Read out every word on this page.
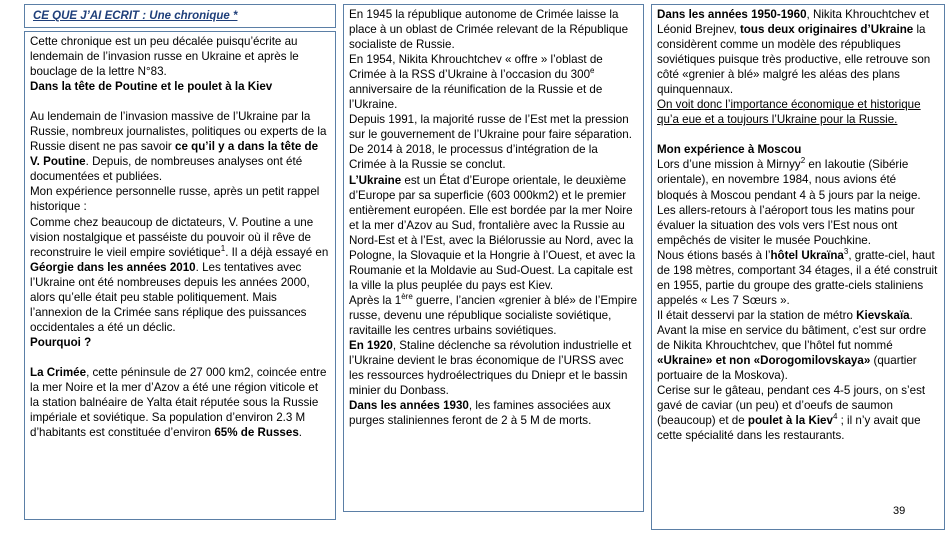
CE QUE J’AI ECRIT : Une chronique *

Cette chronique est un peu décalée puisqu’écrite au lendemain de l’invasion russe en Ukraine et après le bouclage de la lettre N°83.

Dans la tête de Poutine et le poulet à la Kiev

Au lendemain de l’invasion massive de l’Ukraine par la Russie, nombreux journalistes, politiques ou experts de la Russie disent ne pas savoir ce qu’il y a dans la tête de V. Poutine. Depuis, de nombreuses analyses ont été documentées et publiées.

Mon expérience personnelle russe, après un petit rappel historique :

Comme chez beaucoup de dictateurs, V. Poutine a une vision nostalgique et passéiste du pouvoir où il rêve de reconstruire le vieil empire soviétique$^1$. Il a déjà essayé en Géorgie dans les années 2010. Les tentatives avec l’Ukraine ont été nombreuses depuis les années 2000, alors qu’elle était peu stable politiquement. Mais l’annexion de la Crimée sans réplique des puissances occidentales a été un déclic.

Pourquoi ?

La Crimée, cette péninsule de 27 000 km2, coincée entre la mer Noire et la mer d’Azov a été une région viticole et la station balnéaire de Yalta était réputée sous la Russie impériale et soviétique. Sa population d’environ 2.3 M d’habitants est constituée d’environ 65% de Russes.

En 1945 la république autonome de Crimée laisse la place à un oblast de Crimée relevant de la République socialiste de Russie.

En 1954, Nikita Khrouchtchev « offre » l’oblast de Crimée à la RSS d’Ukraine à l’occasion du 300e anniversaire de la réunification de la Russie et de l’Ukraine.

Depuis 1991, la majorité russe de l’Est met la pression sur le gouvernement de l’Ukraine pour faire séparation.

De 2014 à 2018, le processus d’intégration de la Crimée à la Russie se conclut.

L’Ukraine est un État d’Europe orientale, le deuxième d’Europe par sa superficie (603 000km2) et le premier entièrement européen. Elle est bordée par la mer Noire et la mer d’Azov au Sud, frontalière avec la Russie au Nord-Est et à l’Est, avec la Biélorussie au Nord, avec la Pologne, la Slovaquie et la Hongrie à l’Ouest, et avec la Roumanie et la Moldavie au Sud-Ouest. La capitale est la ville la plus peuplée du pays est Kiev.

Après la 1ère guerre, l’ancien «grenier à blé» de l’Empire russe, devenu une république socialiste soviétique, ravitaille les centres urbains soviétiques.

En 1920, Staline déclenche sa révolution industrielle et l’Ukraine devient le bras économique de l’URSS avec les ressources hydroélectriques du Dniepr et le bassin minier du Donbass.

Dans les années 1930, les famines associées aux purges staliniennes feront de 2 à 5 M de morts.

Dans les années 1950-1960, Nikita Khrouchtchev et Léonid Brejnev, tous deux originaires d’Ukraine la considèrent comme un modèle des républiques soviétiques puisque très productive, elle retrouve son côté «grenier à blé» malgré les aléas des plans quinquennaux.

On voit donc l’importance économique et historique qu’a eue et a toujours l’Ukraine pour la Russie.

Mon expérience à Moscou

Lors d’une mission à Mirnyy$^2$ en Iakoutie (Sibérie orientale), en novembre 1984, nous avions été bloqués à Moscou pendant 4 à 5 jours par la neige. Les allers-retours à l’aéroport tous les matins pour évaluer la situation des vols vers l’Est nous ont empêchés de visiter le musée Pouchkine.

Nous étions basés à l’hôtel Ukraïna$^3$, gratte-ciel, haut de 198 mètres, comportant 34 étages, il a été construit en 1955, partie du groupe des gratte-ciels staliniens appelés « Les 7 Sœurs ».

Il était desservi par la station de métro Kievskaïa.

Avant la mise en service du bâtiment, c’est sur ordre de Nikita Khrouchtchev, que l’hôtel fut nommé «Ukraine» et non «Dorogomilovskaya» (quartier portuaire de la Moskova).

Cerise sur le gâteau, pendant ces 4-5 jours, on s’est gavé de caviar (un peu) et d’oeufs de saumon (beaucoup) et de poulet à la Kiev$^4$ ; il n’y avait que cette spécialité dans les restaurants.

39
